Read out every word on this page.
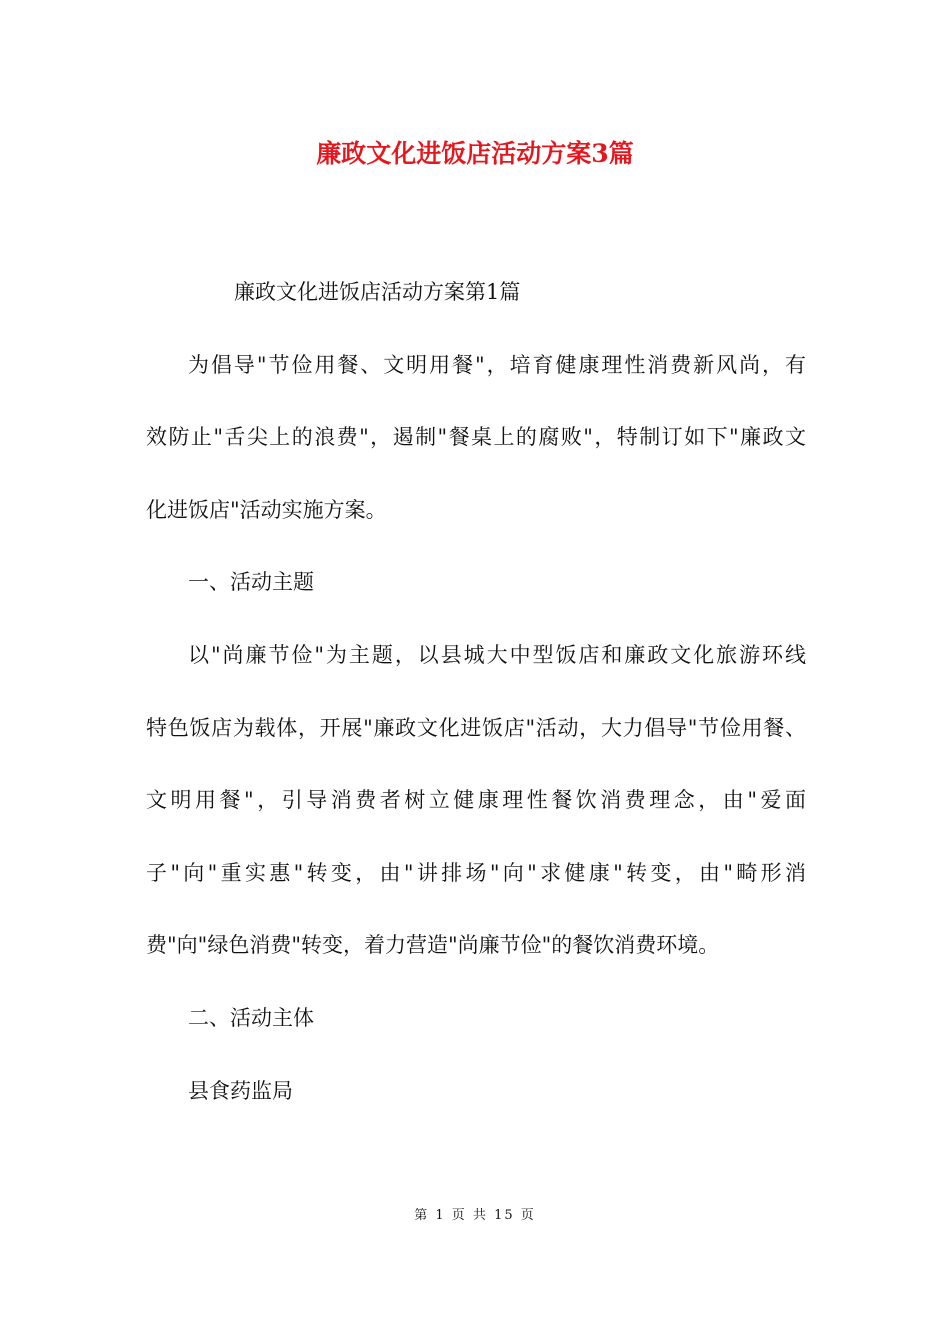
廉政文化进饭店活动方案3篇
廉政文化进饭店活动方案第1篇
为倡导"节俭用餐、文明用餐"，培育健康理性消费新风尚，有
效防止"舌尖上的浪费"，遏制"餐桌上的腐败"，特制订如下"廉政文
化进饭店"活动实施方案。
一、活动主题
以"尚廉节俭"为主题，以县城大中型饭店和廉政文化旅游环线
特色饭店为载体，开展"廉政文化进饭店"活动，大力倡导"节俭用餐、
文明用餐"，引导消费者树立健康理性餐饮消费理念，由"爱面
子"向"重实惠"转变，由"讲排场"向"求健康"转变，由"畸形消
费"向"绿色消费"转变，着力营造"尚廉节俭"的餐饮消费环境。
二、活动主体
县食药监局
第 1 页 共 15 页
